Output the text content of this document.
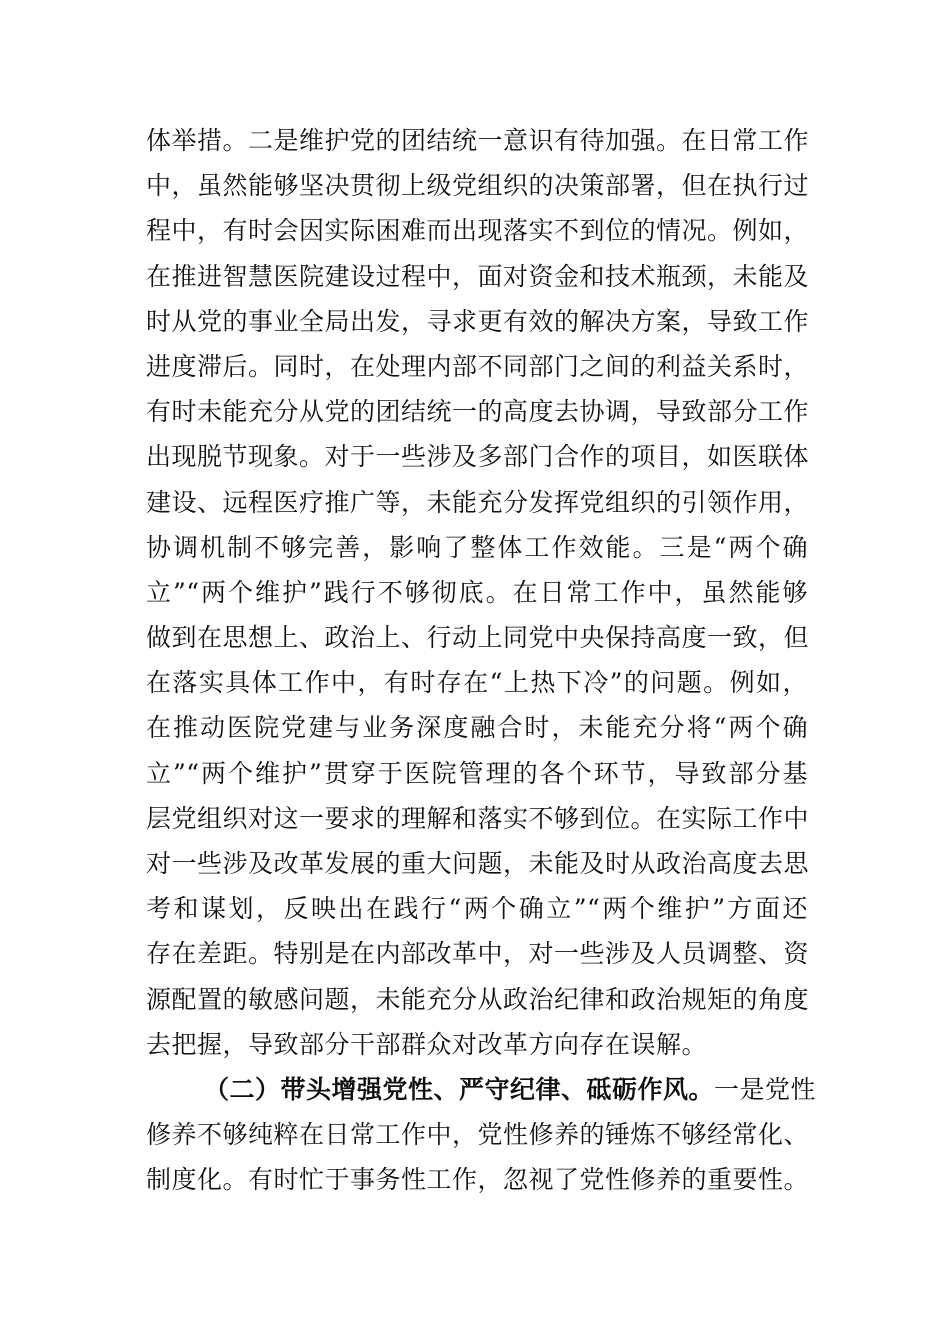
体举措。二是维护党的团结统一意识有待加强。在日常工作
中，虽然能够坚决贯彻上级党组织的决策部署，但在执行过
程中，有时会因实际困难而出现落实不到位的情况。例如，
在推进智慧医院建设过程中，面对资金和技术瓶颈，未能及
时从党的事业全局出发，寻求更有效的解决方案，导致工作
进度滞后。同时，在处理内部不同部门之间的利益关系时，
有时未能充分从党的团结统一的高度去协调，导致部分工作
出现脱节现象。对于一些涉及多部门合作的项目，如医联体
建设、远程医疗推广等，未能充分发挥党组织的引领作用，
协调机制不够完善，影响了整体工作效能。三是“两个确
立”“两个维护”践行不够彻底。在日常工作中，虽然能够
做到在思想上、政治上、行动上同党中央保持高度一致，但
在落实具体工作中，有时存在“上热下冷”的问题。例如，
在推动医院党建与业务深度融合时，未能充分将“两个确
立”“两个维护”贯穿于医院管理的各个环节，导致部分基
层党组织对这一要求的理解和落实不够到位。在实际工作中
对一些涉及改革发展的重大问题，未能及时从政治高度去思
考和谋划，反映出在践行“两个确立”“两个维护”方面还
存在差距。特别是在内部改革中，对一些涉及人员调整、资
源配置的敏感问题，未能充分从政治纪律和政治规矩的角度
去把握，导致部分干部群众对改革方向存在误解。
（二）带头增强党性、严守纪律、砥砺作风。一是党性
修养不够纯粹在日常工作中，党性修养的锤炼不够经常化、
制度化。有时忙于事务性工作，忽视了党性修养的重要性。
